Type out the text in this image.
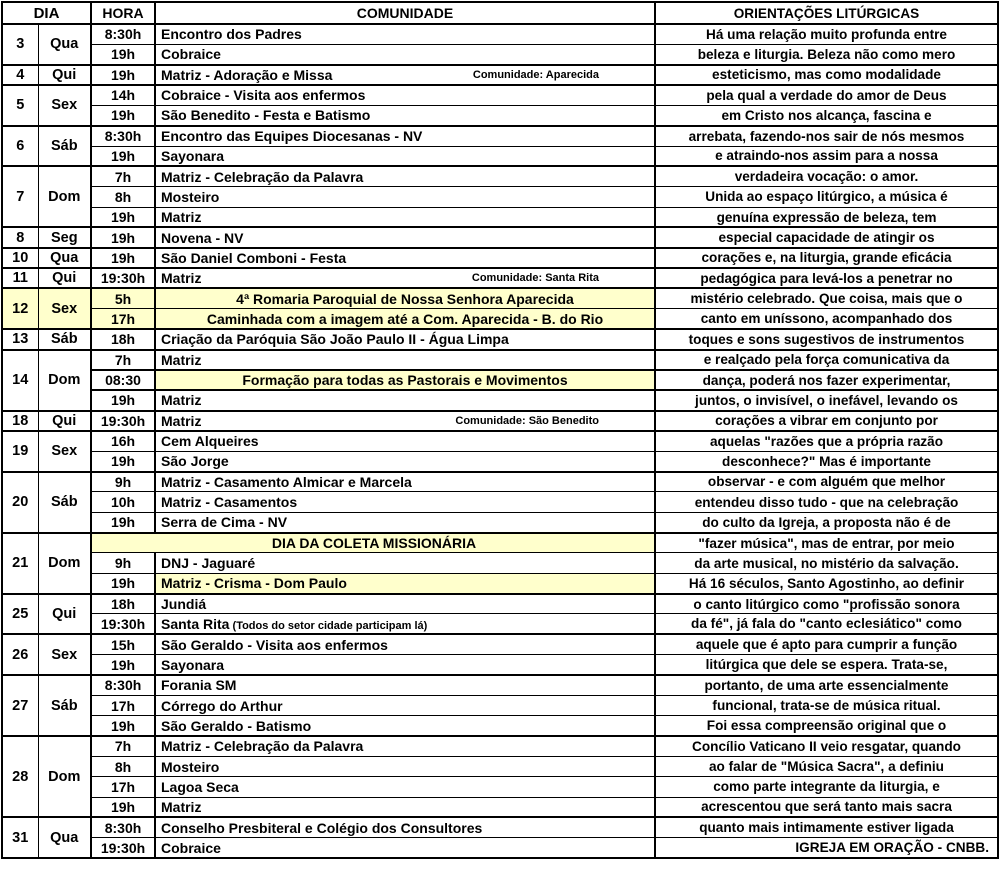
DIA		HORA	COMUNIDADE	ORIENTAÇÕES LITÚRGICAS
3	Qua	8:30h	Encontro dos Padres	Há uma relação muito profunda entre
		19h	Cobraice	beleza e liturgia. Beleza não como mero
4	Qui	19h	Matriz - Adoração e Missa Comunidade: Aparecida	esteticismo, mas como modalidade
5	Sex	14h	Cobraice - Visita aos enfermos	pela qual a verdade do amor de Deus
		19h	São Benedito - Festa e Batismo	em Cristo nos alcança, fascina e
6	Sáb	8:30h	Encontro das Equipes Diocesanas - NV	arrebata, fazendo-nos sair de nós mesmos
		19h	Sayonara	e atraindo-nos assim para a nossa
7	Dom	7h	Matriz - Celebração da Palavra	verdadeira vocação: o amor.
		8h	Mosteiro	Unida ao espaço litúrgico, a música é
		19h	Matriz	genuína expressão de beleza, tem
8	Seg	19h	Novena - NV	especial capacidade de atingir os
10	Qua	19h	São Daniel Comboni - Festa	corações e, na liturgia, grande eficácia
11	Qui	19:30h	Matriz Comunidade: Santa Rita	pedagógica para levá-los a penetrar no
12	Sex	5h	4ª Romaria Paroquial de Nossa Senhora Aparecida	mistério celebrado. Que coisa, mais que o
		17h	Caminhada com a imagem até a Com. Aparecida - B. do Rio	canto em uníssono, acompanhado dos
13	Sáb	18h	Criação da Paróquia São João Paulo II - Água Limpa	toques e sons sugestivos de instrumentos
14	Dom	7h	Matriz	e realçado pela força comunicativa da
		08:30	Formação para todas as Pastorais e Movimentos	dança, poderá nos fazer experimentar,
		19h	Matriz	juntos, o invisível, o inefável, levando os
18	Qui	19:30h	Matriz Comunidade: São Benedito	corações a vibrar em conjunto por
19	Sex	16h	Cem Alqueires	aquelas "razões que a própria razão
		19h	São Jorge	desconhece?" Mas é importante
20	Sáb	9h	Matriz - Casamento Almicar e Marcela	observar - e com alguém que melhor
		10h	Matriz - Casamentos	entendeu disso tudo - que na celebração
		19h	Serra de Cima - NV	do culto da Igreja, a proposta não é de
21	Dom	DIA DA COLETA MISSIONÁRIA		"fazer música", mas de entrar, por meio
		9h	DNJ - Jaguaré	da arte musical, no mistério da salvação.
		19h	Matriz - Crisma - Dom Paulo	Há 16 séculos, Santo Agostinho, ao definir
25	Qui	18h	Jundiá	o canto litúrgico como "profissão sonora
		19:30h	Santa Rita (Todos do setor cidade participam lá)	da fé", já fala do "canto eclesiático" como
26	Sex	15h	São Geraldo - Visita aos enfermos	aquele que é apto para cumprir a função
		19h	Sayonara	litúrgica que dele se espera. Trata-se,
27	Sáb	8:30h	Forania SM	portanto, de uma arte essencialmente
		17h	Córrego do Arthur	funcional, trata-se de música ritual.
		19h	São Geraldo - Batismo	Foi essa compreensão original que o
28	Dom	7h	Matriz - Celebração da Palavra	Concílio Vaticano II veio resgatar, quando
		8h	Mosteiro	ao falar de "Música Sacra", a definiu
		17h	Lagoa Seca	como parte integrante da liturgia, e
		19h	Matriz	acrescentou que será tanto mais sacra
31	Qua	8:30h	Conselho Presbiteral e Colégio dos Consultores	quanto mais intimamente estiver ligada
		19:30h	Cobraice	IGREJA EM ORAÇÃO - CNBB.
